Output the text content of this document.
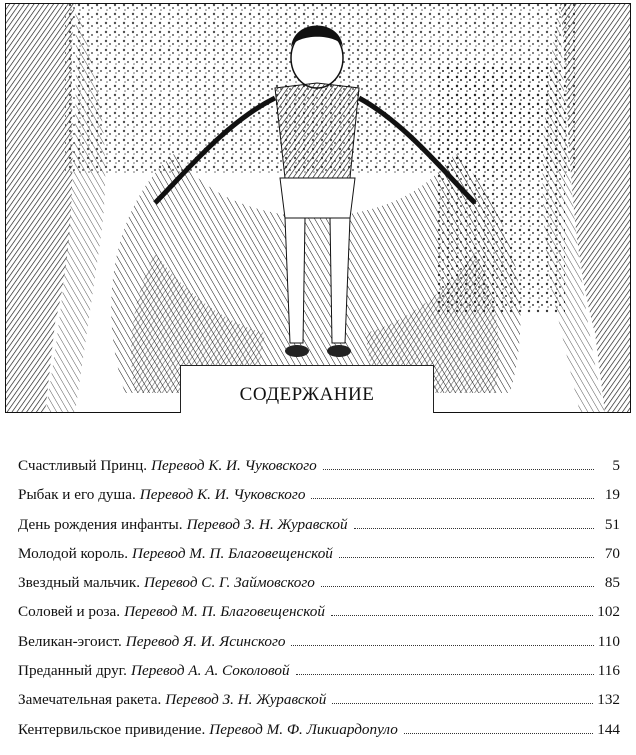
СОДЕРЖАНИЕ
Счастливый Принц. Перевод К. И. Чуковского	5
Рыбак и его душа. Перевод К. И. Чуковского	19
День рождения инфанты. Перевод З. Н. Журавской	51
Молодой король. Перевод М. П. Благовещенской	70
Звездный мальчик. Перевод С. Г. Займовского	85
Соловей и роза. Перевод М. П. Благовещенской	102
Великан-эгоист. Перевод Я. И. Ясинского	110
Преданный друг. Перевод А. А. Соколовой	116
Замечательная ракета. Перевод З. Н. Журавской	132
Кентервильское привидение. Перевод М. Ф. Ликиардопуло	144
